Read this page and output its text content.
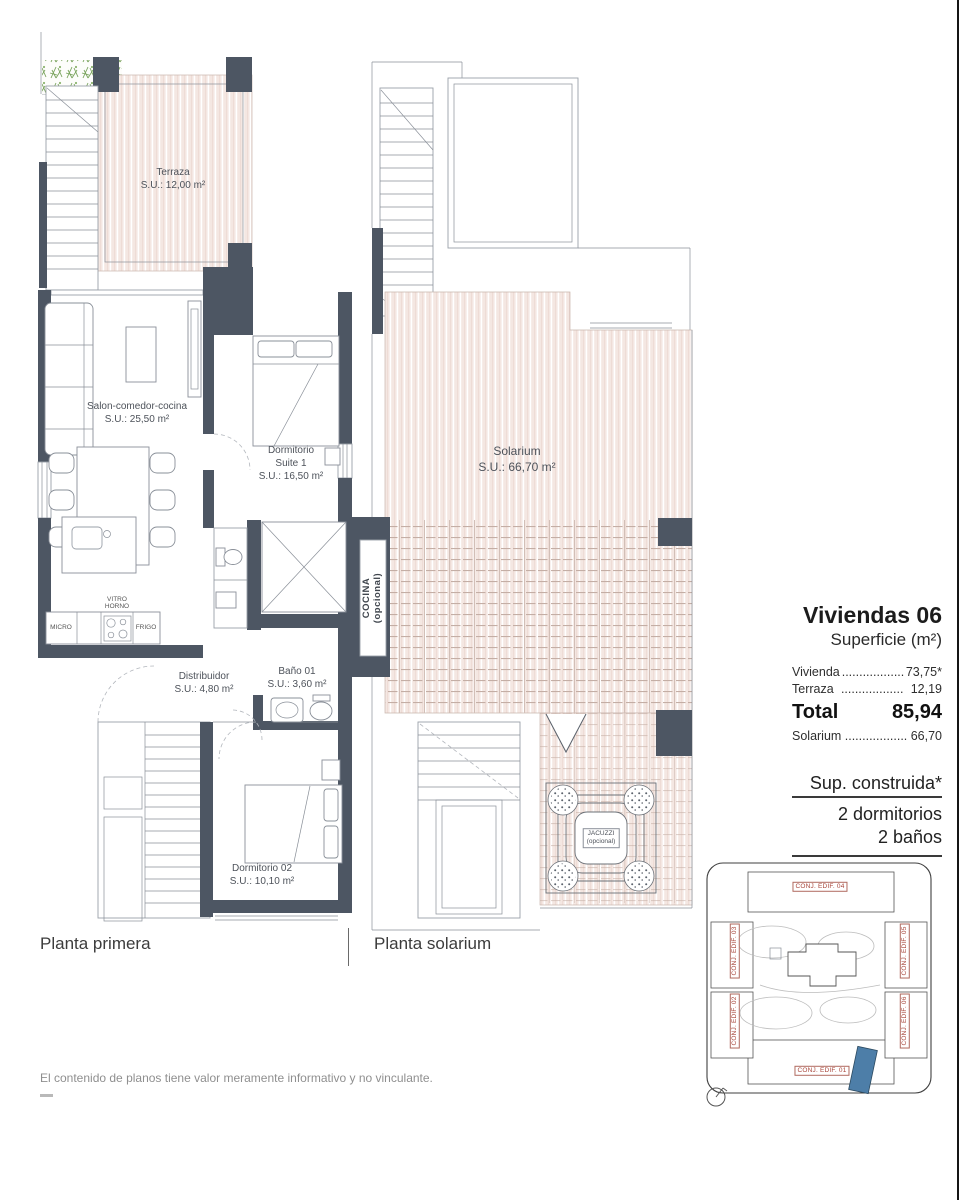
Terraza
S.U.: 12,00 m²
Salon-comedor-cocina
S.U.: 25,50 m²
Dormitorio
Suite 1
S.U.: 16,50 m²
Distribuidor
S.U.: 4,80 m²
Baño 01
S.U.: 3,60 m²
Dormitorio 02
S.U.: 10,10 m²
Solarium
S.U.: 66,70 m²
MICRO
VITRO
HORNO
FRIGO
COCINA (opcional)
JACUZZI
(opcional)
Planta primera	Planta solarium
Viviendas 06
Superficie (m²)
Vivienda .................. 73,75*
Terraza .................. 12,19
Total	85,94
Solarium .................. 66,70
Sup. construida*
2 dormitorios
2 baños
CONJ. EDIF. 04
CONJ. EDIF. 01
CONJ. EDIF. 03
CONJ. EDIF. 02
CONJ. EDIF. 05
CONJ. EDIF. 06
El contenido de planos tiene valor meramente informativo y no vinculante.
